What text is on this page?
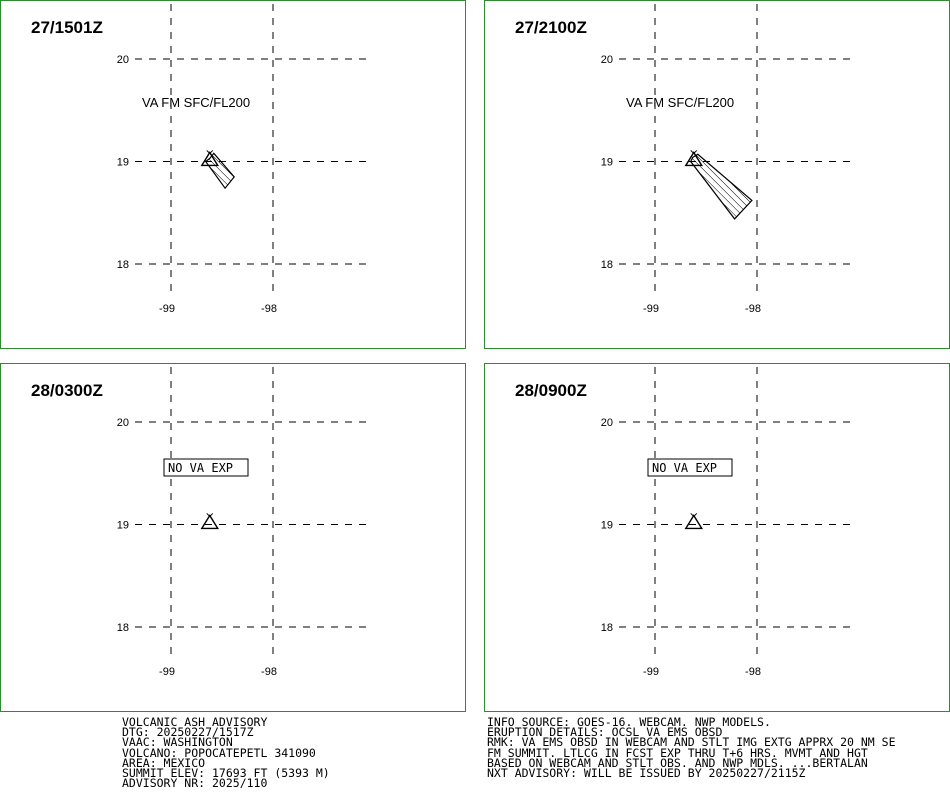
27/1501Z
20
19
18
-99	-98
VA FM SFC/FL200
27/2100Z
20
19
18
-99	-98
VA FM SFC/FL200
28/0300Z
20
19
18
-99	-98
NO VA EXP
28/0900Z
20
19
18
-99	-98
NO VA EXP
VOLCANIC ASH ADVISORY
DTG: 20250227/1517Z
VAAC: WASHINGTON
VOLCANO: POPOCATEPETL 341090
AREA: MEXICO
SUMMIT ELEV: 17693 FT (5393 M)
ADVISORY NR: 2025/110
INFO SOURCE: GOES-16. WEBCAM. NWP MODELS.
ERUPTION DETAILS: OCSL VA EMS OBSD
RMK: VA EMS OBSD IN WEBCAM AND STLT IMG EXTG APPRX 20 NM SE
FM SUMMIT. LTLCG IN FCST EXP THRU T+6 HRS. MVMT AND HGT
BASED ON WEBCAM AND STLT OBS. AND NWP MDLS. ...BERTALAN
NXT ADVISORY: WILL BE ISSUED BY 20250227/2115Z
